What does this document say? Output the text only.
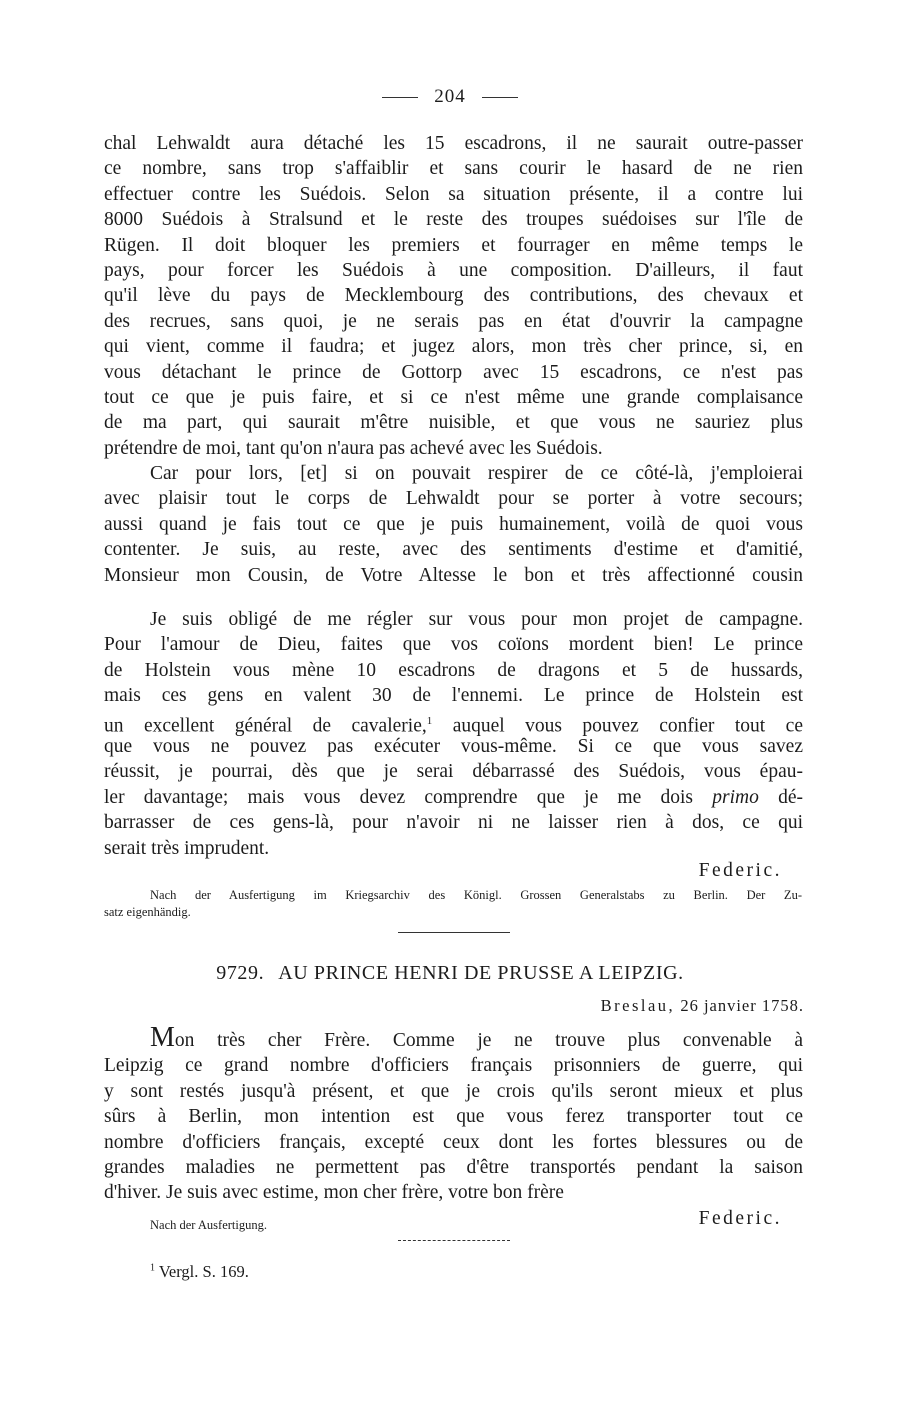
204
chal Lehwaldt aura détaché les 15 escadrons, il ne saurait outre-passer
ce nombre, sans trop s'affaiblir et sans courir le hasard de ne rien
effectuer contre les Suédois. Selon sa situation présente, il a contre lui
8000 Suédois à Stralsund et le reste des troupes suédoises sur l'île de
Rügen. Il doit bloquer les premiers et fourrager en même temps le
pays, pour forcer les Suédois à une composition. D'ailleurs, il faut
qu'il lève du pays de Mecklembourg des contributions, des chevaux et
des recrues, sans quoi, je ne serais pas en état d'ouvrir la campagne
qui vient, comme il faudra; et jugez alors, mon très cher prince, si, en
vous détachant le prince de Gottorp avec 15 escadrons, ce n'est pas
tout ce que je puis faire, et si ce n'est même une grande complaisance
de ma part, qui saurait m'être nuisible, et que vous ne sauriez plus
prétendre de moi, tant qu'on n'aura pas achevé avec les Suédois.
Car pour lors, [et] si on pouvait respirer de ce côté-là, j'emploierai
avec plaisir tout le corps de Lehwaldt pour se porter à votre secours;
aussi quand je fais tout ce que je puis humainement, voilà de quoi vous
contenter. Je suis, au reste, avec des sentiments d'estime et d'amitié,
Monsieur mon Cousin, de Votre Altesse le bon et très affectionné cousin
Je suis obligé de me régler sur vous pour mon projet de campagne.
Pour l'amour de Dieu, faites que vos coïons mordent bien! Le prince
de Holstein vous mène 10 escadrons de dragons et 5 de hussards,
mais ces gens en valent 30 de l'ennemi. Le prince de Holstein est
un excellent général de cavalerie,$^1$ auquel vous pouvez confier tout ce
que vous ne pouvez pas exécuter vous-même. Si ce que vous savez
réussit, je pourrai, dès que je serai débarrassé des Suédois, vous épau-
ler davantage; mais vous devez comprendre que je me dois primo dé-
barrasser de ces gens-là, pour n'avoir ni ne laisser rien à dos, ce qui
serait très imprudent.
Federic.
Nach der Ausfertigung im Kriegsarchiv des Königl. Grossen Generalstabs zu Berlin. Der Zu-
satz eigenhändig.
9729. AU PRINCE HENRI DE PRUSSE A LEIPZIG.
Breslau, 26 janvier 1758.
Mon très cher Frère. Comme je ne trouve plus convenable à
Leipzig ce grand nombre d'officiers français prisonniers de guerre, qui
y sont restés jusqu'à présent, et que je crois qu'ils seront mieux et plus
sûrs à Berlin, mon intention est que vous ferez transporter tout ce
nombre d'officiers français, excepté ceux dont les fortes blessures ou de
grandes maladies ne permettent pas d'être transportés pendant la saison
d'hiver. Je suis avec estime, mon cher frère, votre bon frère
Nach der Ausfertigung.	Federic.
$^1$ Vergl. S. 169.
